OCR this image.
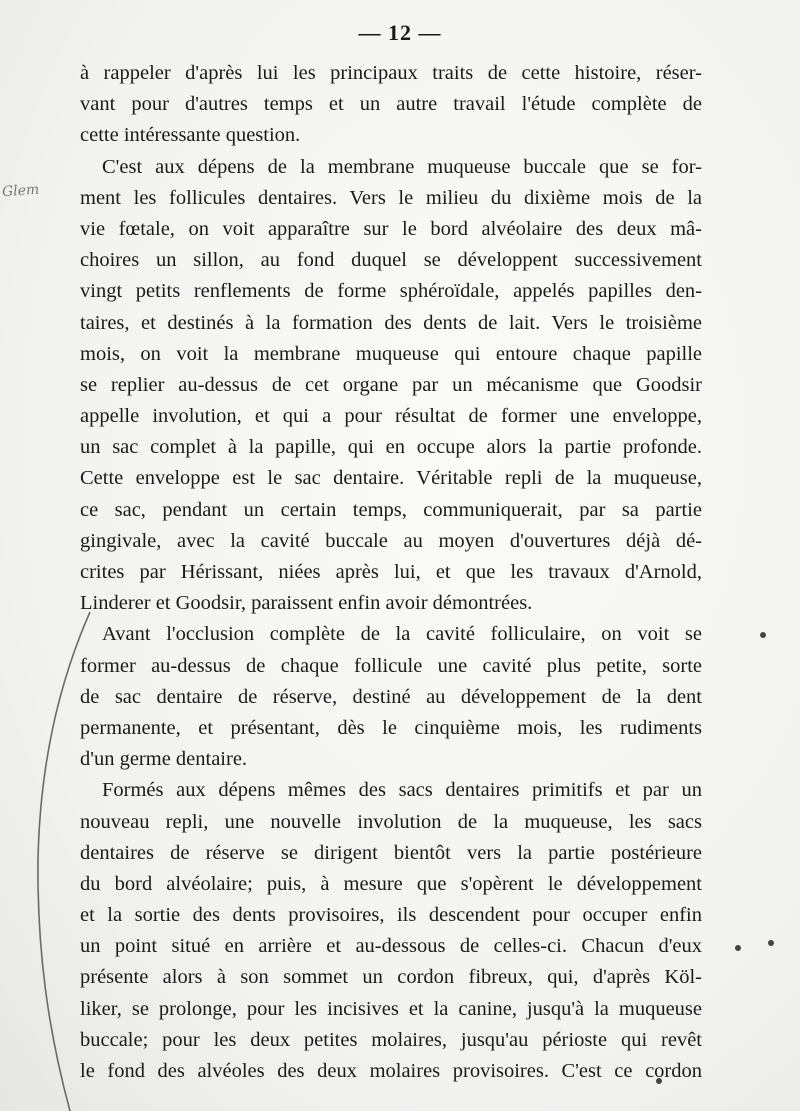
— 12 —
Glem
à rappeler d'après lui les principaux traits de cette histoire, réser-
vant pour d'autres temps et un autre travail l'étude complète de
cette intéressante question.
C'est aux dépens de la membrane muqueuse buccale que se for-
ment les follicules dentaires. Vers le milieu du dixième mois de la
vie fœtale, on voit apparaître sur le bord alvéolaire des deux mâ-
choires un sillon, au fond duquel se développent successivement
vingt petits renflements de forme sphéroïdale, appelés papilles den-
taires, et destinés à la formation des dents de lait. Vers le troisième
mois, on voit la membrane muqueuse qui entoure chaque papille
se replier au-dessus de cet organe par un mécanisme que Goodsir
appelle involution, et qui a pour résultat de former une enveloppe,
un sac complet à la papille, qui en occupe alors la partie profonde.
Cette enveloppe est le sac dentaire. Véritable repli de la muqueuse,
ce sac, pendant un certain temps, communiquerait, par sa partie
gingivale, avec la cavité buccale au moyen d'ouvertures déjà dé-
crites par Hérissant, niées après lui, et que les travaux d'Arnold,
Linderer et Goodsir, paraissent enfin avoir démontrées.
Avant l'occlusion complète de la cavité folliculaire, on voit se
former au-dessus de chaque follicule une cavité plus petite, sorte
de sac dentaire de réserve, destiné au développement de la dent
permanente, et présentant, dès le cinquième mois, les rudiments
d'un germe dentaire.
Formés aux dépens mêmes des sacs dentaires primitifs et par un
nouveau repli, une nouvelle involution de la muqueuse, les sacs
dentaires de réserve se dirigent bientôt vers la partie postérieure
du bord alvéolaire; puis, à mesure que s'opèrent le développement
et la sortie des dents provisoires, ils descendent pour occuper enfin
un point situé en arrière et au-dessous de celles-ci. Chacun d'eux
présente alors à son sommet un cordon fibreux, qui, d'après Köl-
liker, se prolonge, pour les incisives et la canine, jusqu'à la muqueuse
buccale; pour les deux petites molaires, jusqu'au périoste qui revêt
le fond des alvéoles des deux molaires provisoires. C'est ce cordon
